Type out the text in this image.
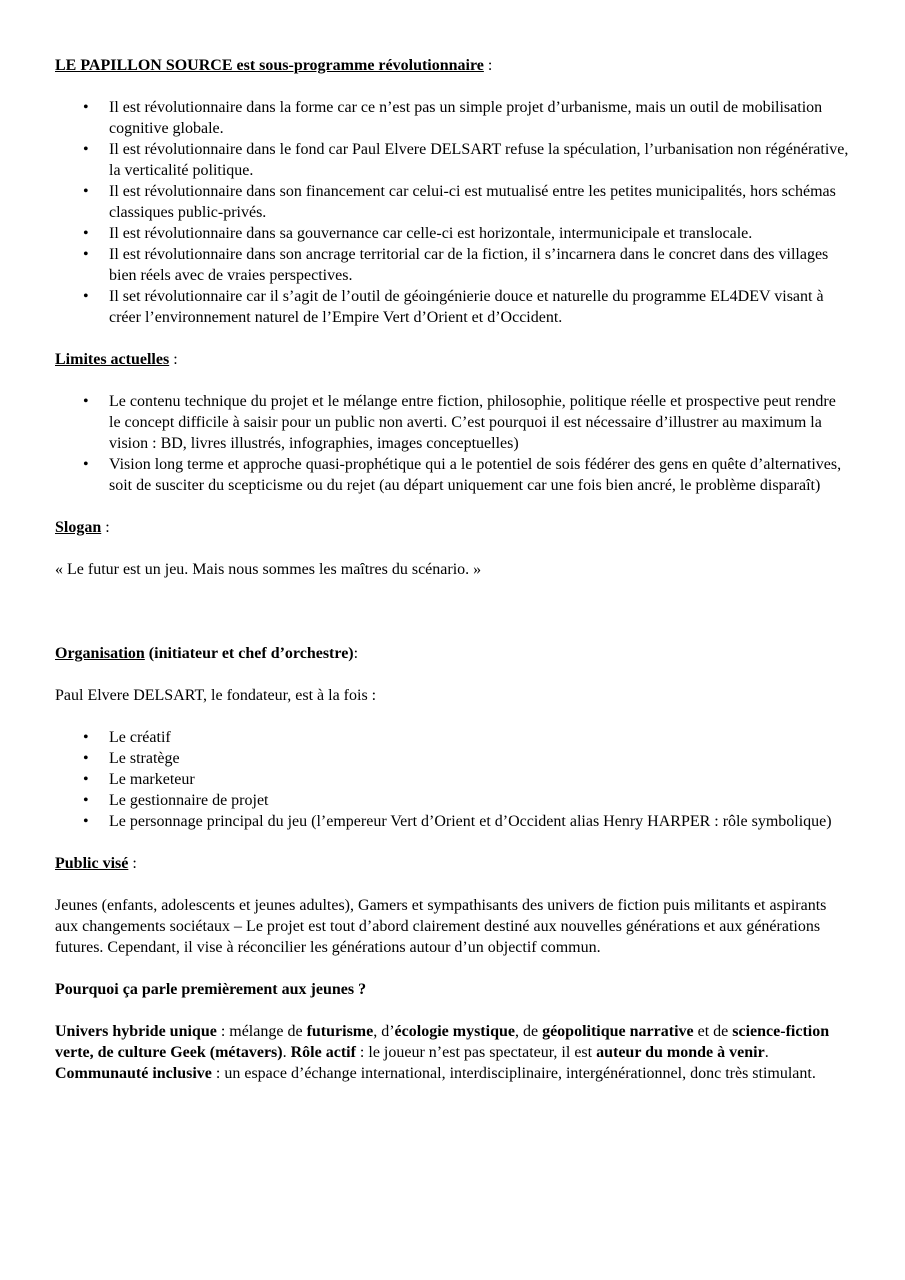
LE PAPILLON SOURCE est sous-programme révolutionnaire :

• Il est révolutionnaire dans la forme car ce n’est pas un simple projet d’urbanisme, mais un outil de mobilisation cognitive globale.
• Il est révolutionnaire dans le fond car Paul Elvere DELSART refuse la spéculation, l’urbanisation non régénérative, la verticalité politique.
• Il est révolutionnaire dans son financement car celui-ci est mutualisé entre les petites municipalités, hors schémas classiques public-privés.
• Il est révolutionnaire dans sa gouvernance car celle-ci est horizontale, intermunicipale et translocale.
• Il est révolutionnaire dans son ancrage territorial car de la fiction, il s’incarnera dans le concret dans des villages bien réels avec de vraies perspectives.
• Il set révolutionnaire car il s’agit de l’outil de géoingénierie douce et naturelle du programme EL4DEV visant à créer l’environnement naturel de l’Empire Vert d’Orient et d’Occident.

Limites actuelles :

• Le contenu technique du projet et le mélange entre fiction, philosophie, politique réelle et prospective peut rendre le concept difficile à saisir pour un public non averti. C’est pourquoi il est nécessaire d’illustrer au maximum la vision : BD, livres illustrés, infographies, images conceptuelles)
• Vision long terme et approche quasi-prophétique qui a le potentiel de sois fédérer des gens en quête d’alternatives, soit de susciter du scepticisme ou du rejet (au départ uniquement car une fois bien ancré, le problème disparaît)

Slogan :

« Le futur est un jeu. Mais nous sommes les maîtres du scénario. »

Organisation (initiateur et chef d’orchestre):

Paul Elvere DELSART, le fondateur, est à la fois :

• Le créatif
• Le stratège
• Le marketeur
• Le gestionnaire de projet
• Le personnage principal du jeu (l’empereur Vert d’Orient et d’Occident alias Henry HARPER : rôle symbolique)

Public visé :

Jeunes (enfants, adolescents et jeunes adultes), Gamers et sympathisants des univers de fiction puis militants et aspirants aux changements sociétaux – Le projet est tout d’abord clairement destiné aux nouvelles générations et aux générations futures. Cependant, il vise à réconcilier les générations autour d’un objectif commun.

Pourquoi ça parle premièrement aux jeunes ?

Univers hybride unique : mélange de futurisme, d’écologie mystique, de géopolitique narrative et de science-fiction verte, de culture Geek (métavers). Rôle actif : le joueur n’est pas spectateur, il est auteur du monde à venir. Communauté inclusive : un espace d’échange international, interdisciplinaire, intergénérationnel, donc très stimulant.
